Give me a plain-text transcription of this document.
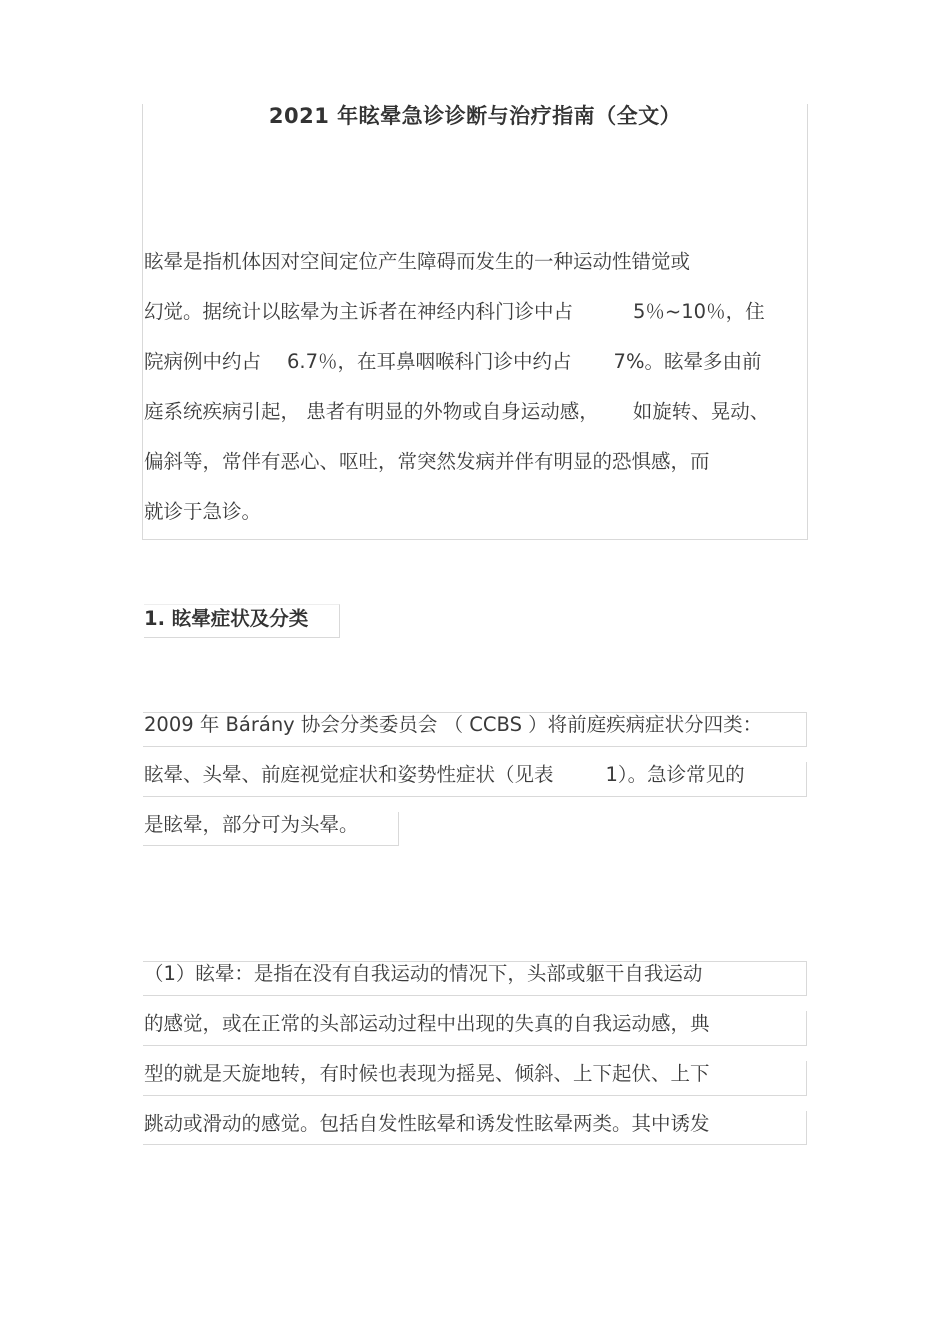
2021 年眩晕急诊诊断与治疗指南（全文）
眩晕是指机体因对空间定位产生障碍而发生的一种运动性错觉或
幻觉。据统计以眩晕为主诉者在神经内科门诊中占	5％~10％，住
院病例中约占 6.7％，在耳鼻咽喉科门诊中约占 7%。眩晕多由前
庭系统疾病引起， 患者有明显的外物或自身运动感， 如旋转、晃动、
偏斜等，常伴有恶心、呕吐，常突然发病并伴有明显的恐惧感，而
就诊于急诊。
1. 眩晕症状及分类
2009 年 Bárány 协会分类委员会 （ CCBS ）将前庭疾病症状分四类：
眩晕、头晕、前庭视觉症状和姿势性症状（见表	1）。急诊常见的
是眩晕，部分可为头晕。
（1）眩晕：是指在没有自我运动的情况下，头部或躯干自我运动
的感觉，或在正常的头部运动过程中出现的失真的自我运动感，典
型的就是天旋地转，有时候也表现为摇晃、倾斜、上下起伏、上下
跳动或滑动的感觉。包括自发性眩晕和诱发性眩晕两类。其中诱发
